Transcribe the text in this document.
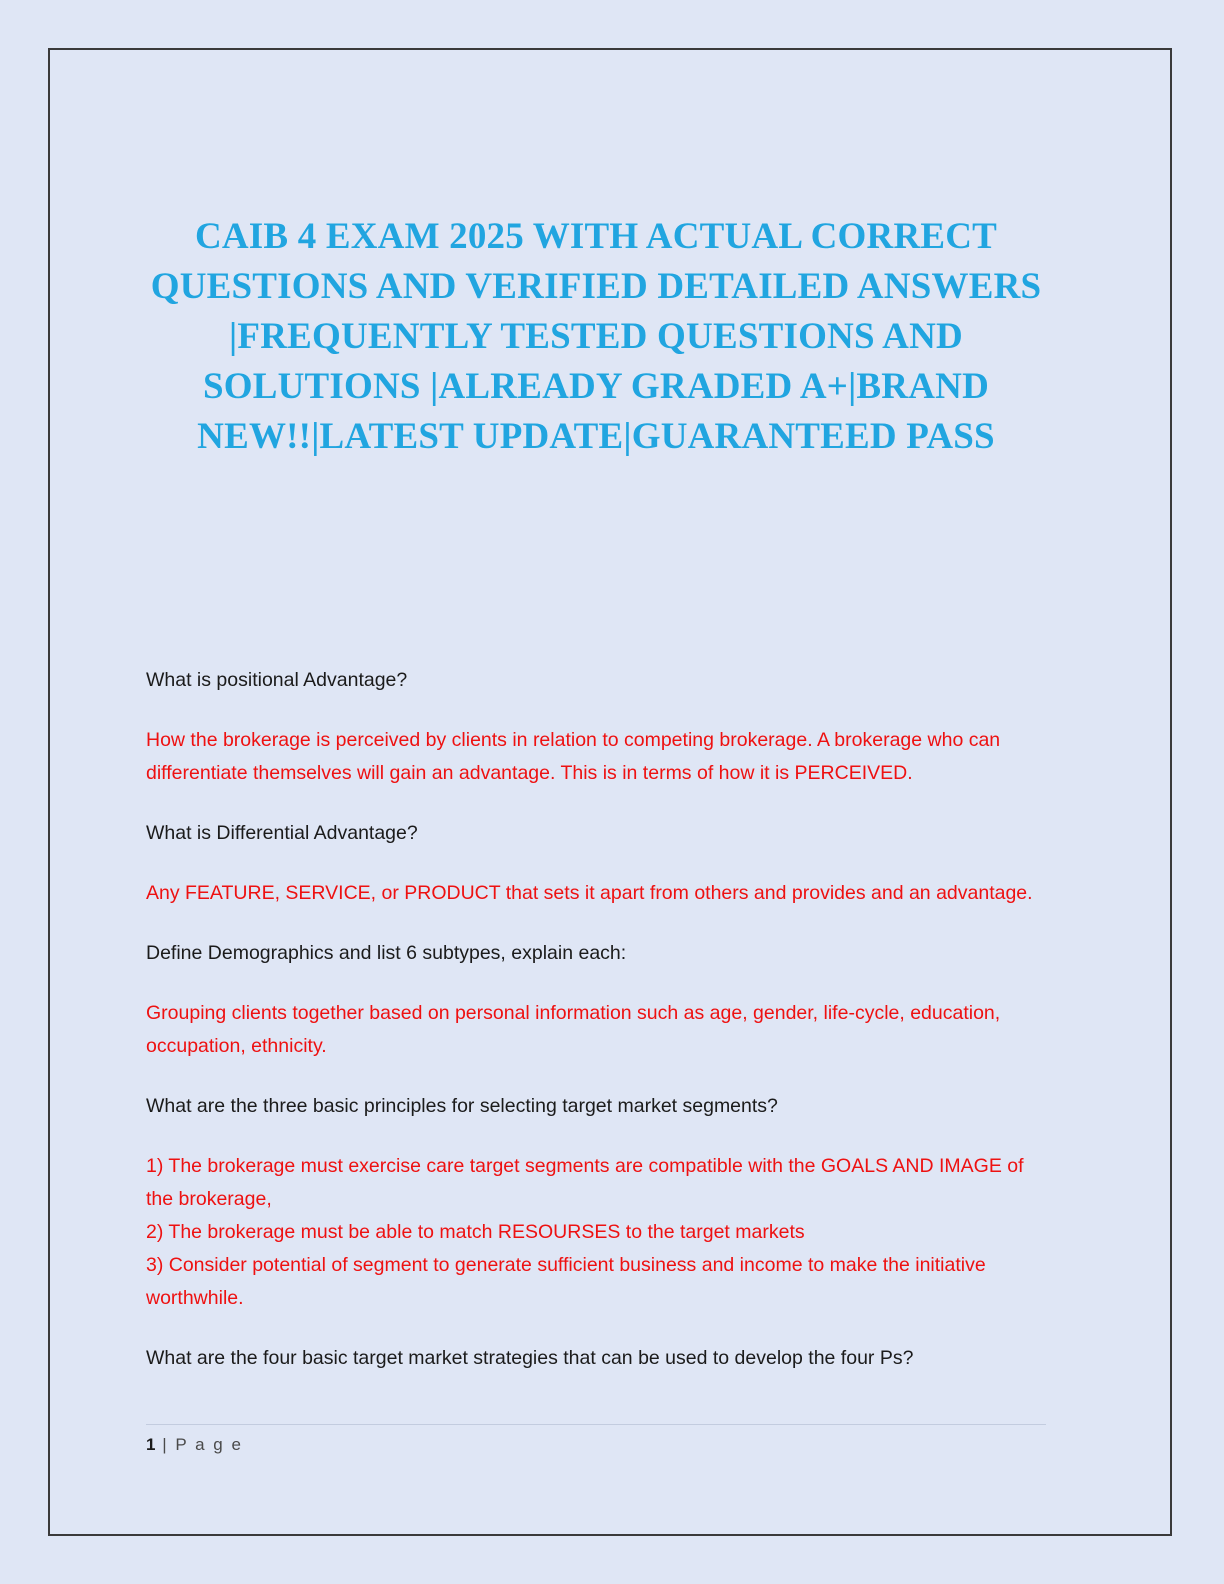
CAIB 4 EXAM 2025 WITH ACTUAL CORRECT QUESTIONS AND VERIFIED DETAILED ANSWERS |FREQUENTLY TESTED QUESTIONS AND SOLUTIONS |ALREADY GRADED A+|BRAND NEW!!|LATEST UPDATE|GUARANTEED PASS

What is positional Advantage?

How the brokerage is perceived by clients in relation to competing brokerage. A brokerage who can differentiate themselves will gain an advantage. This is in terms of how it is PERCEIVED.

What is Differential Advantage?

Any FEATURE, SERVICE, or PRODUCT that sets it apart from others and provides and an advantage.

Define Demographics and list 6 subtypes, explain each:

Grouping clients together based on personal information such as age, gender, life-cycle, education, occupation, ethnicity.

What are the three basic principles for selecting target market segments?

1) The brokerage must exercise care target segments are compatible with the GOALS AND IMAGE of the brokerage,
2) The brokerage must be able to match RESOURSES to the target markets
3) Consider potential of segment to generate sufficient business and income to make the initiative worthwhile.

What are the four basic target market strategies that can be used to develop the four Ps?

1 | P a g e
